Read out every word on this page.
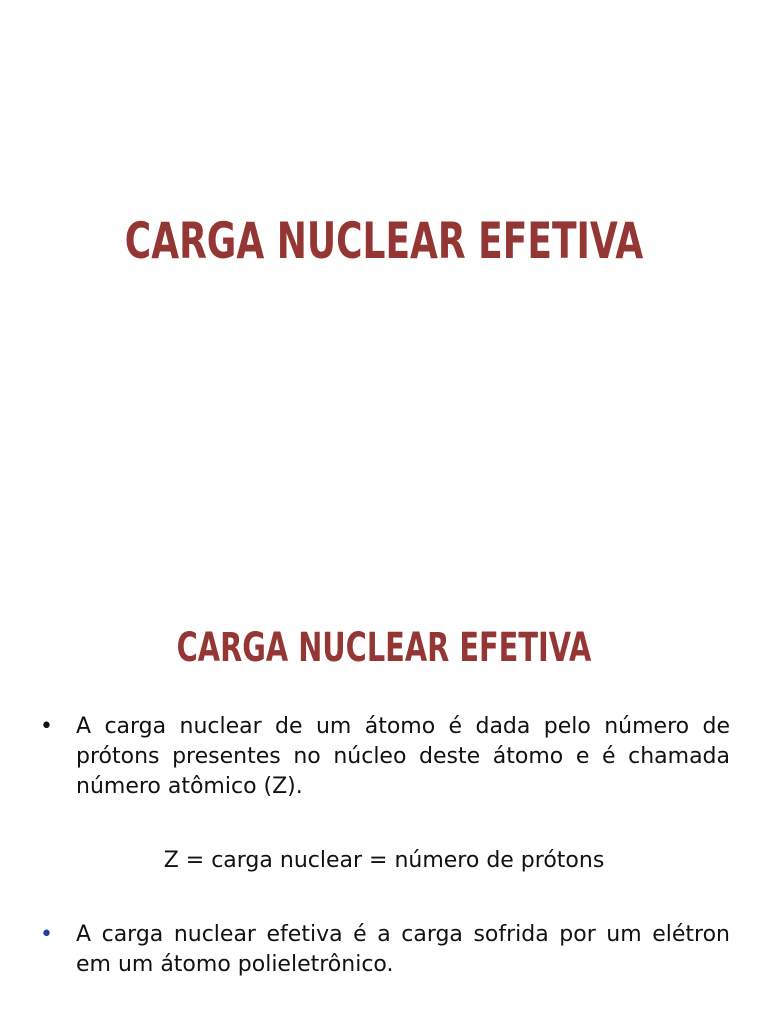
CARGA NUCLEAR EFETIVA
CARGA NUCLEAR EFETIVA
•	A carga nuclear de um átomo é dada pelo número de prótons presentes no núcleo deste átomo e é chamada número atômico (Z).
Z = carga nuclear = número de prótons
•	A carga nuclear efetiva é a carga sofrida por um elétron em um átomo polieletrônico.
